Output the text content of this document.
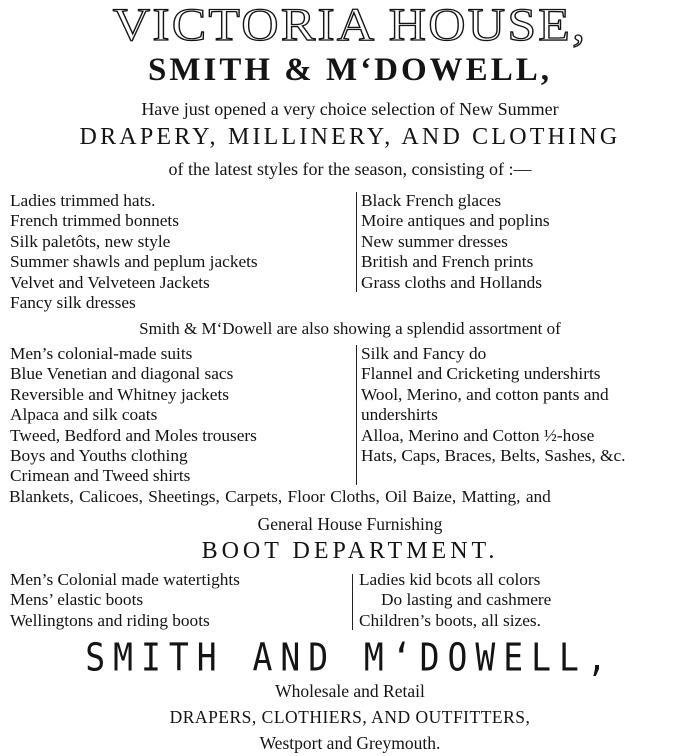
VICTORIA HOUSE,
SMITH & M‘DOWELL,
Have just opened a very choice selection of New Summer
DRAPERY, MILLINERY, AND CLOTHING
of the latest styles for the season, consisting of :—
Ladies trimmed hats.
French trimmed bonnets
Silk paletôts, new style
Summer shawls and peplum jackets
Velvet and Velveteen Jackets
Fancy silk dresses
Black French glaces
Moire antiques and poplins
New summer dresses
British and French prints
Grass cloths and Hollands
Smith & M‘Dowell are also showing a splendid assortment of
Men’s colonial-made suits
Blue Venetian and diagonal sacs
Reversible and Whitney jackets
Alpaca and silk coats
Tweed, Bedford and Moles trousers
Boys and Youths clothing
Crimean and Tweed shirts
Silk and Fancy do
Flannel and Cricketing undershirts
Wool, Merino, and cotton pants and
undershirts
Alloa, Merino and Cotton ½-hose
Hats, Caps, Braces, Belts, Sashes, &c.
Blankets, Calicoes, Sheetings, Carpets, Floor Cloths, Oil Baize, Matting, and
General House Furnishing
BOOT DEPARTMENT.
Men’s Colonial made watertights
Mens’ elastic boots
Wellingtons and riding boots
Ladies kid bcots all colors
Do lasting and cashmere
Children’s boots, all sizes.
SMITH AND M‘DOWELL,
Wholesale and Retail
DRAPERS, CLOTHIERS, AND OUTFITTERS,
Westport and Greymouth.
